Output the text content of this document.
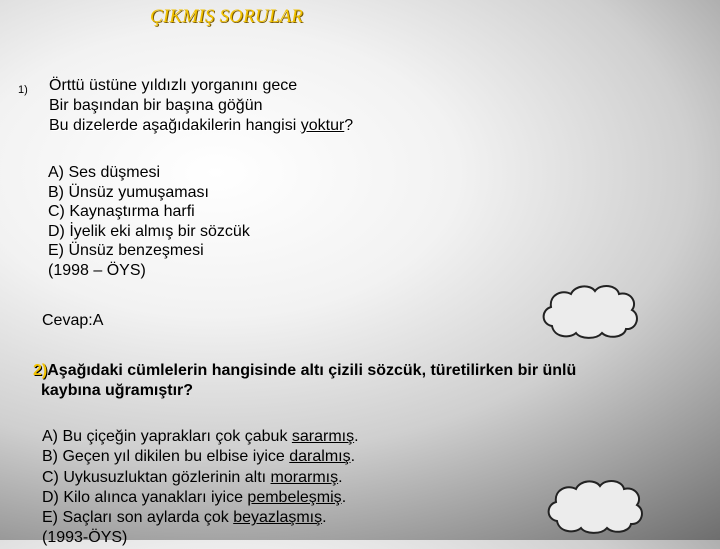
ÇIKMIŞ SORULAR
1) Örttü üstüne yıldızlı yorganını gece
Bir başından bir başına göğün
Bu dizelerde aşağıdakilerin hangisi yoktur?
A) Ses düşmesi
B) Ünsüz yumuşaması
C) Kaynaştırma harfi
D) İyelik eki almış bir sözcük
E) Ünsüz benzeşmesi
(1998 – ÖYS)
Cevap:A
2)Aşağıdaki cümlelerin hangisinde altı çizili sözcük, türetilirken bir ünlü
kaybına uğramıştır?
A) Bu çiçeğin yaprakları çok çabuk sararmış.
B) Geçen yıl dikilen bu elbise iyice daralmış.
C) Uykusuzluktan gözlerinin altı morarmış.
D) Kilo alınca yanakları iyice pembeleşmiş.
E) Saçları son aylarda çok beyazlaşmış.
(1993-ÖYS)
